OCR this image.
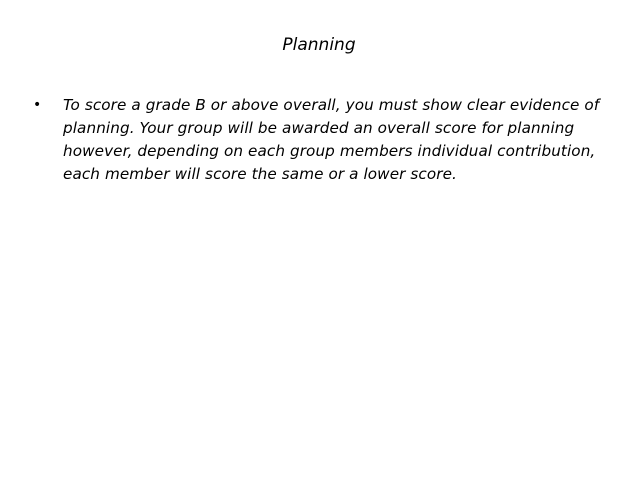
Planning
•	To score a grade B or above overall, you must show clear evidence of planning. Your group will be awarded an overall score for planning however, depending on each group members individual contribution, each member will score the same or a lower score.
